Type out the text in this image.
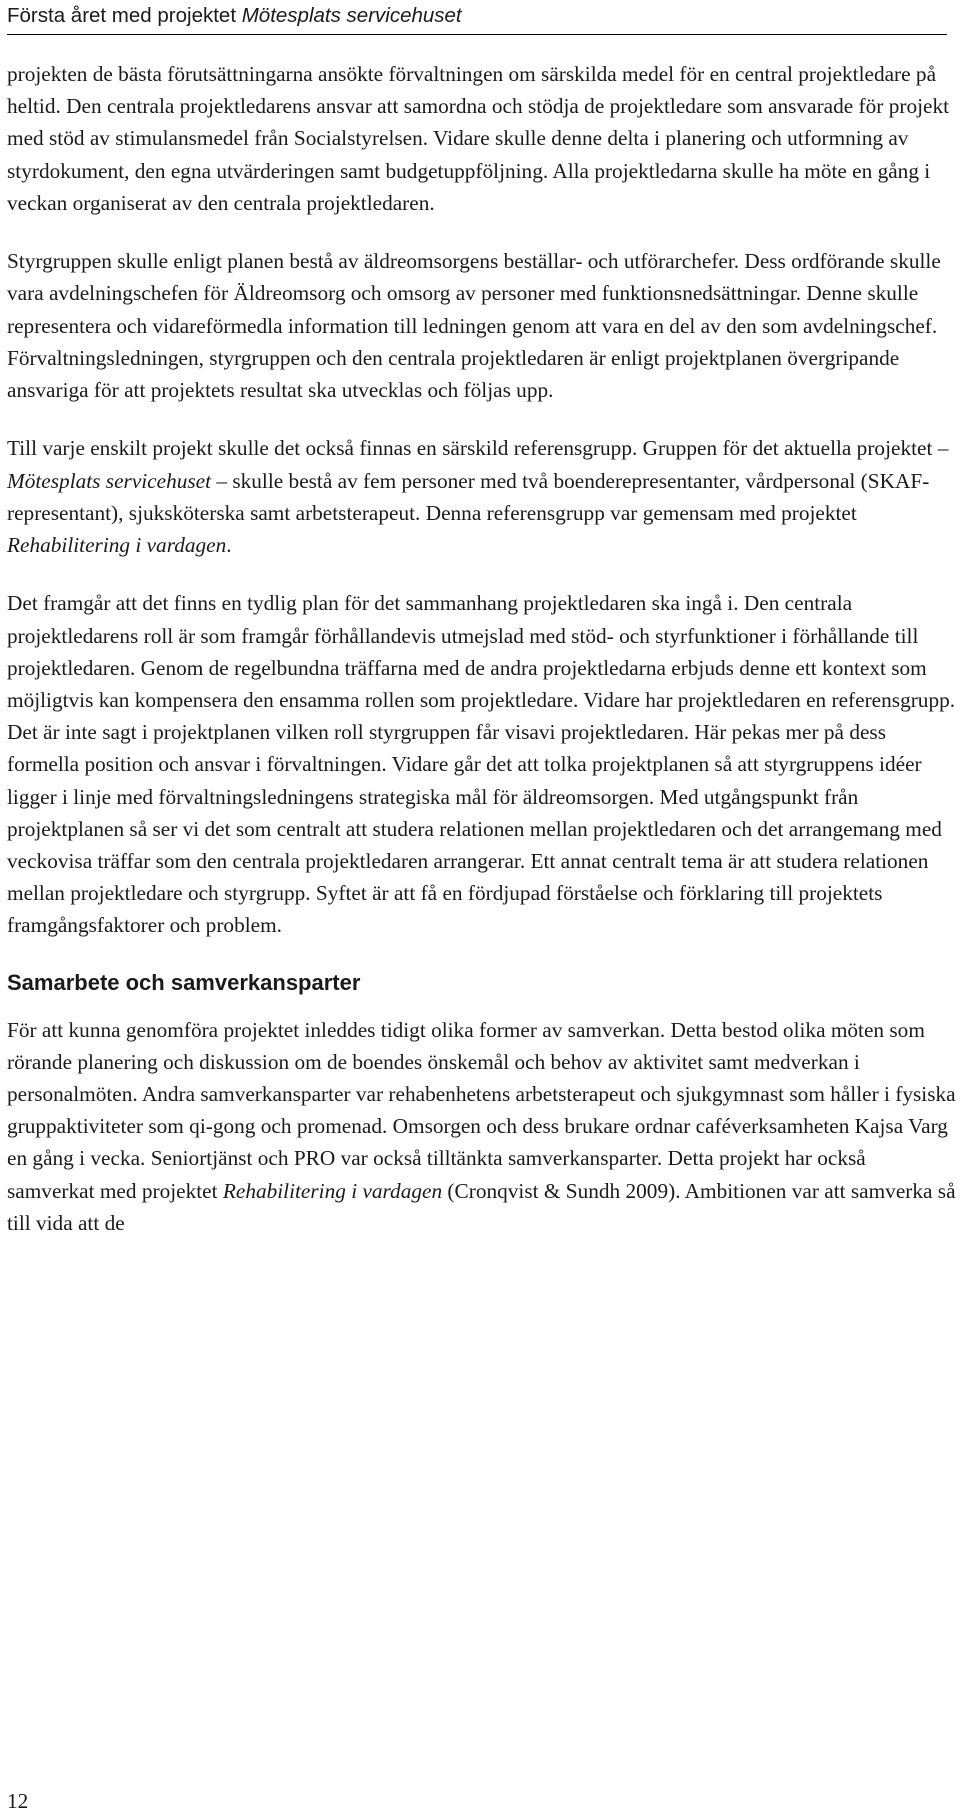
Första året med projektet Mötesplats servicehuset

projekten de bästa förutsättningarna ansökte förvaltningen om särskilda medel för en central projektledare på heltid. Den centrala projektledarens ansvar att samordna och stödja de projektledare som ansvarade för projekt med stöd av stimulansmedel från Socialstyrelsen. Vidare skulle denne delta i planering och utformning av styrdokument, den egna utvärderingen samt budgetuppföljning. Alla projektledarna skulle ha möte en gång i veckan organiserat av den centrala projektledaren.

Styrgruppen skulle enligt planen bestå av äldreomsorgens beställar- och utförarchefer. Dess ordförande skulle vara avdelningschefen för Äldreomsorg och omsorg av personer med funktionsnedsättningar. Denne skulle representera och vidareförmedla information till ledningen genom att vara en del av den som avdelningschef. Förvaltningsledningen, styrgruppen och den centrala projektledaren är enligt projektplanen övergripande ansvariga för att projektets resultat ska utvecklas och följas upp.

Till varje enskilt projekt skulle det också finnas en särskild referensgrupp. Gruppen för det aktuella projektet – Mötesplats servicehuset – skulle bestå av fem personer med två boenderepresentanter, vårdpersonal (SKAF-representant), sjuksköterska samt arbetsterapeut. Denna referensgrupp var gemensam med projektet Rehabilitering i vardagen.

Det framgår att det finns en tydlig plan för det sammanhang projektledaren ska ingå i. Den centrala projektledarens roll är som framgår förhållandevis utmejslad med stöd- och styrfunktioner i förhållande till projektledaren. Genom de regelbundna träffarna med de andra projektledarna erbjuds denne ett kontext som möjligtvis kan kompensera den ensamma rollen som projektledare. Vidare har projektledaren en referensgrupp. Det är inte sagt i projektplanen vilken roll styrgruppen får visavi projektledaren. Här pekas mer på dess formella position och ansvar i förvaltningen. Vidare går det att tolka projektplanen så att styrgruppens idéer ligger i linje med förvaltningsledningens strategiska mål för äldreomsorgen. Med utgångspunkt från projektplanen så ser vi det som centralt att studera relationen mellan projektledaren och det arrangemang med veckovisa träffar som den centrala projektledaren arrangerar. Ett annat centralt tema är att studera relationen mellan projektledare och styrgrupp. Syftet är att få en fördjupad förståelse och förklaring till projektets framgångsfaktorer och problem.

Samarbete och samverkansparter

För att kunna genomföra projektet inleddes tidigt olika former av samverkan. Detta bestod olika möten som rörande planering och diskussion om de boendes önskemål och behov av aktivitet samt medverkan i personalmöten. Andra samverkansparter var rehabenhetens arbetsterapeut och sjukgymnast som håller i fysiska gruppaktiviteter som qi-gong och promenad. Omsorgen och dess brukare ordnar caféverksamheten Kajsa Varg en gång i vecka. Seniortjänst och PRO var också tilltänkta samverkansparter. Detta projekt har också samverkat med projektet Rehabilitering i vardagen (Cronqvist & Sundh 2009). Ambitionen var att samverka så till vida att de

12
